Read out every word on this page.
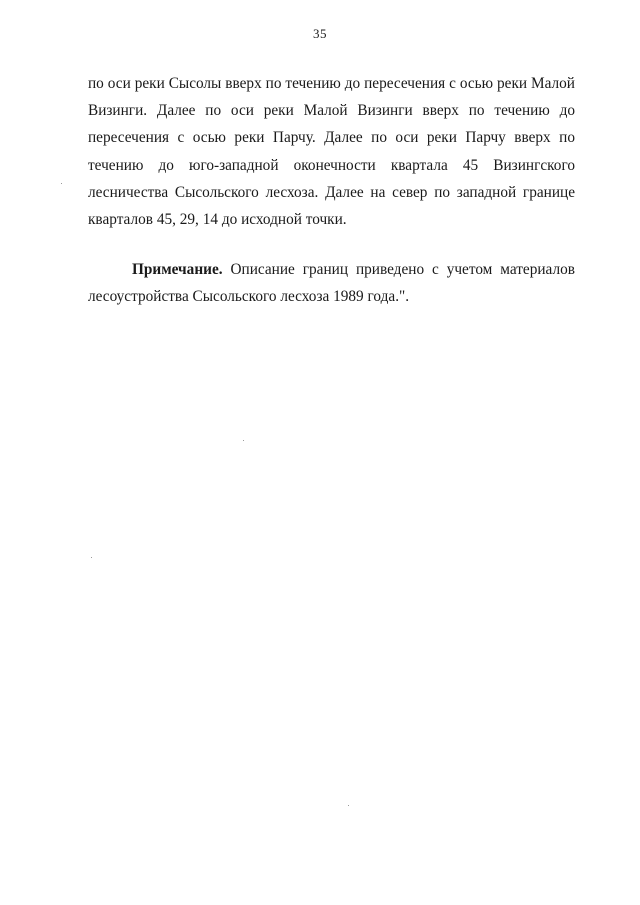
35

по оси реки Сысолы вверх по течению до пересечения с осью реки Малой Визинги. Далее по оси реки Малой Визинги вверх по течению до пересечения с осью реки Парчу. Далее по оси реки Парчу вверх по течению до юго-западной оконечности квартала 45 Визингского лесничества Сысольского лесхоза. Далее на север по западной границе кварталов 45, 29, 14 до исходной точки.

Примечание. Описание границ приведено с учетом материалов лесоустройства Сысольского лесхоза 1989 года.".
